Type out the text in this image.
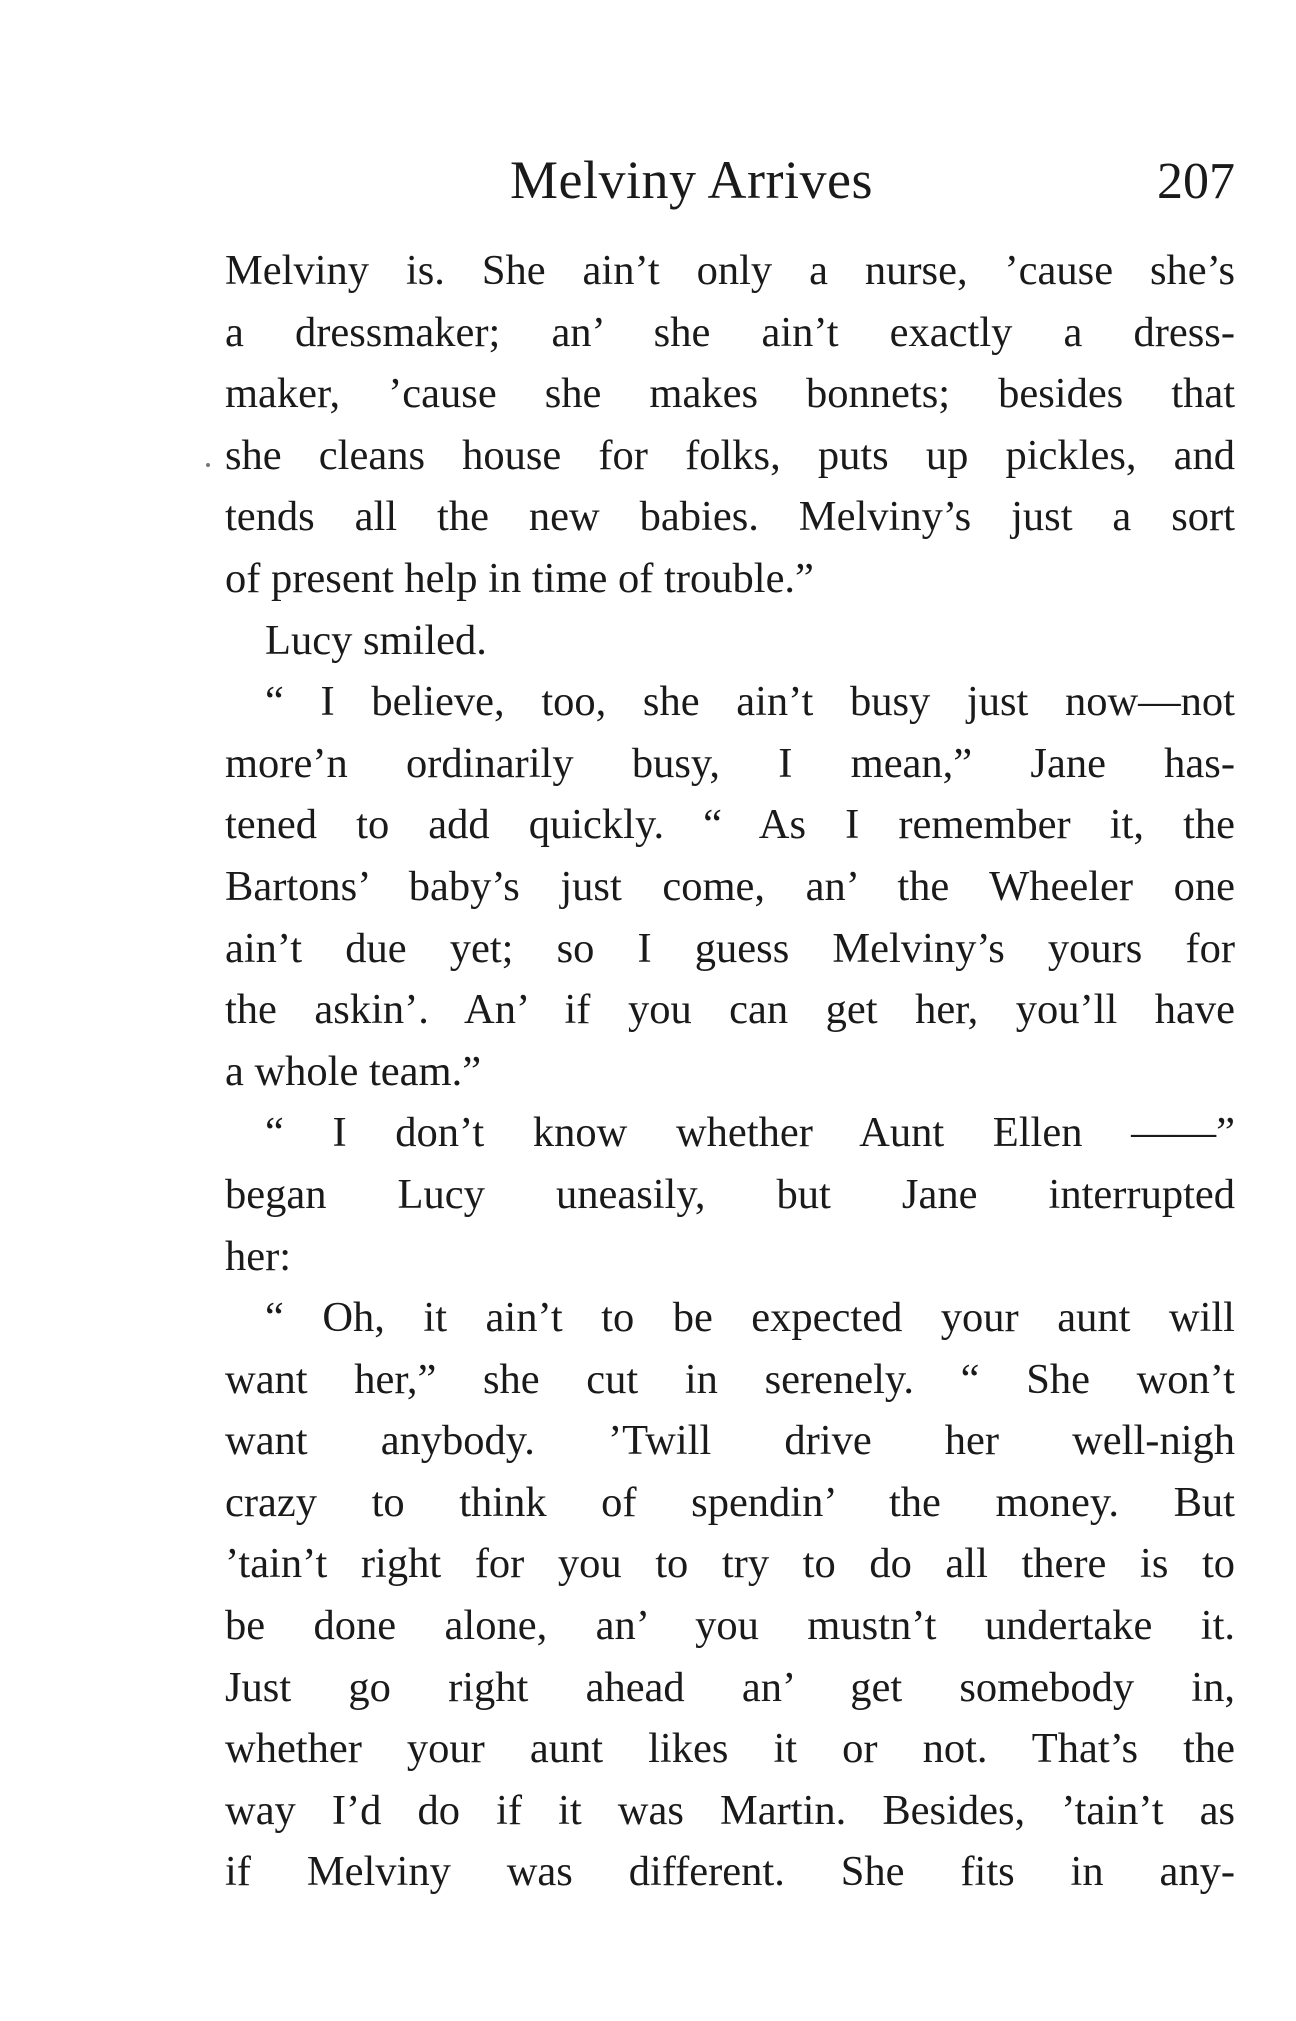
Melviny Arrives	207
Melviny is. She ain’t only a nurse, ’cause she’s
a dressmaker; an’ she ain’t exactly a dress-
maker, ’cause she makes bonnets; besides that
she cleans house for folks, puts up pickles, and
tends all the new babies. Melviny’s just a sort
of present help in time of trouble.”
Lucy smiled.
“ I believe, too, she ain’t busy just now—not
more’n ordinarily busy, I mean,” Jane has-
tened to add quickly. “ As I remember it, the
Bartons’ baby’s just come, an’ the Wheeler one
ain’t due yet; so I guess Melviny’s yours for
the askin’. An’ if you can get her, you’ll have
a whole team.”
“ I don’t know whether Aunt Ellen ——”
began Lucy uneasily, but Jane interrupted
her:
“ Oh, it ain’t to be expected your aunt will
want her,” she cut in serenely. “ She won’t
want anybody. ’Twill drive her well-nigh
crazy to think of spendin’ the money. But
’tain’t right for you to try to do all there is to
be done alone, an’ you mustn’t undertake it.
Just go right ahead an’ get somebody in,
whether your aunt likes it or not. That’s the
way I’d do if it was Martin. Besides, ’tain’t as
if Melviny was different. She fits in any-
